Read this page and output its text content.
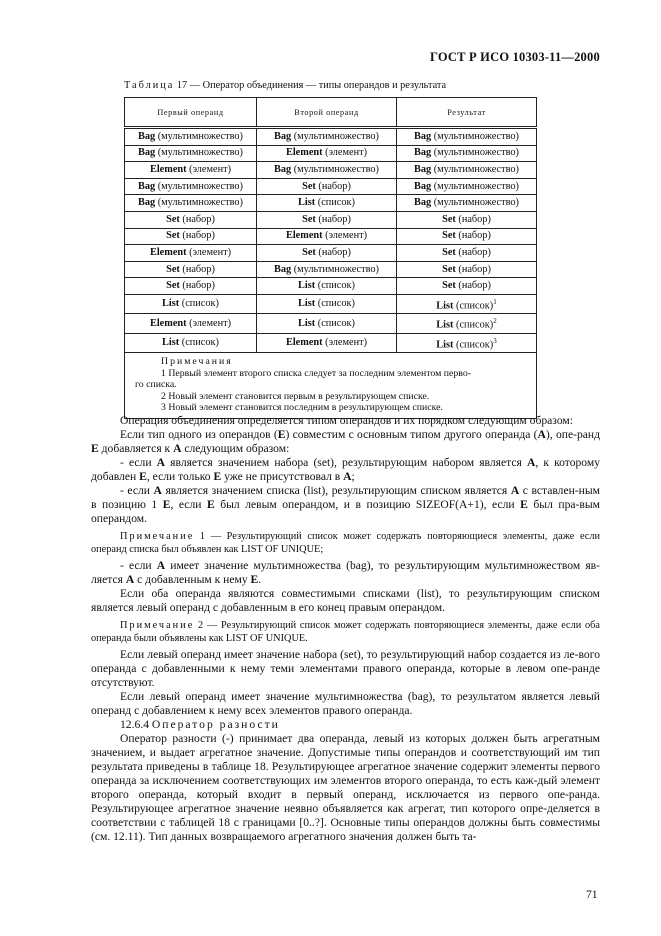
ГОСТ Р ИСО 10303-11—2000
Таблица 17 — Оператор объединения — типы операндов и результата
Первый операнд	Второй операнд	Результат
Bag (мультимножество)	Bag (мультимножество)	Bag (мультимножество)
Bag (мультимножество)	Element (элемент)	Bag (мультимножество)
Element (элемент)	Bag (мультимножество)	Bag (мультимножество)
Bag (мультимножество)	Set (набор)	Bag (мультимножество)
Bag (мультимножество)	List (список)	Bag (мультимножество)
Set (набор)	Set (набор)	Set (набор)
Set (набор)	Element (элемент)	Set (набор)
Element (элемент)	Set (набор)	Set (набор)
Set (набор)	Bag (мультимножество)	Set (набор)
Set (набор)	List (список)	Set (набор)
List (список)	List (список)	List (список)$^1$
Element (элемент)	List (список)	List (список)$^2$
List (список)	Element (элемент)	List (список)$^3$

Примечания
1 Первый элемент второго списка следует за последним элементом перво-
го списка.
2 Новый элемент становится первым в результирующем списке.
3 Новый элемент становится последним в результирующем списке.		

Операция объединения определяется типом операндов и их порядком следующим образом:

Если тип одного из операндов (E) совместим с основным типом другого операнда (A), опе-ранд E добавляется к A следующим образом:

- если A является значением набора (set), результирующим набором является A, к которому добавлен E, если только E уже не присутствовал в A;

- если A является значением списка (list), результирующим списком является A с вставлен-ным в позицию 1 E, если E был левым операндом, и в позицию SIZEOF(A+1), если E был пра-вым операндом.

Примечание 1 — Результирующий список может содержать повторяющиеся элементы, даже если операнд списка был объявлен как LIST OF UNIQUE;

- если A имеет значение мультимножества (bag), то результирующим мультимножеством яв-ляется A с добавленным к нему E.

Если оба операнда являются совместимыми списками (list), то результирующим списком является левый операнд с добавленным в его конец правым операндом.

Примечание 2 — Результирующий список может содержать повторяющиеся элементы, даже если оба операнда были объявлены как LIST OF UNIQUE.

Если левый операнд имеет значение набора (set), то результирующий набор создается из ле-вого операнда с добавленными к нему теми элементами правого операнда, которые в левом опе-ранде отсутствуют.

Если левый операнд имеет значение мультимножества (bag), то результатом является левый операнд с добавлением к нему всех элементов правого операнда.

12.6.4 Оператор разности

Оператор разности (-) принимает два операнда, левый из которых должен быть агрегатным значением, и выдает агрегатное значение. Допустимые типы операндов и соответствующий им тип результата приведены в таблице 18. Результирующее агрегатное значение содержит элементы первого операнда за исключением соответствующих им элементов второго операнда, то есть каж-дый элемент второго операнда, который входит в первый операнд, исключается из первого опе-ранда. Результирующее агрегатное значение неявно объявляется как агрегат, тип которого опре-деляется в соответствии с таблицей 18 с границами [0..?]. Основные типы операндов должны быть совместимы (см. 12.11). Тип данных возвращаемого агрегатного значения должен быть та-

71
